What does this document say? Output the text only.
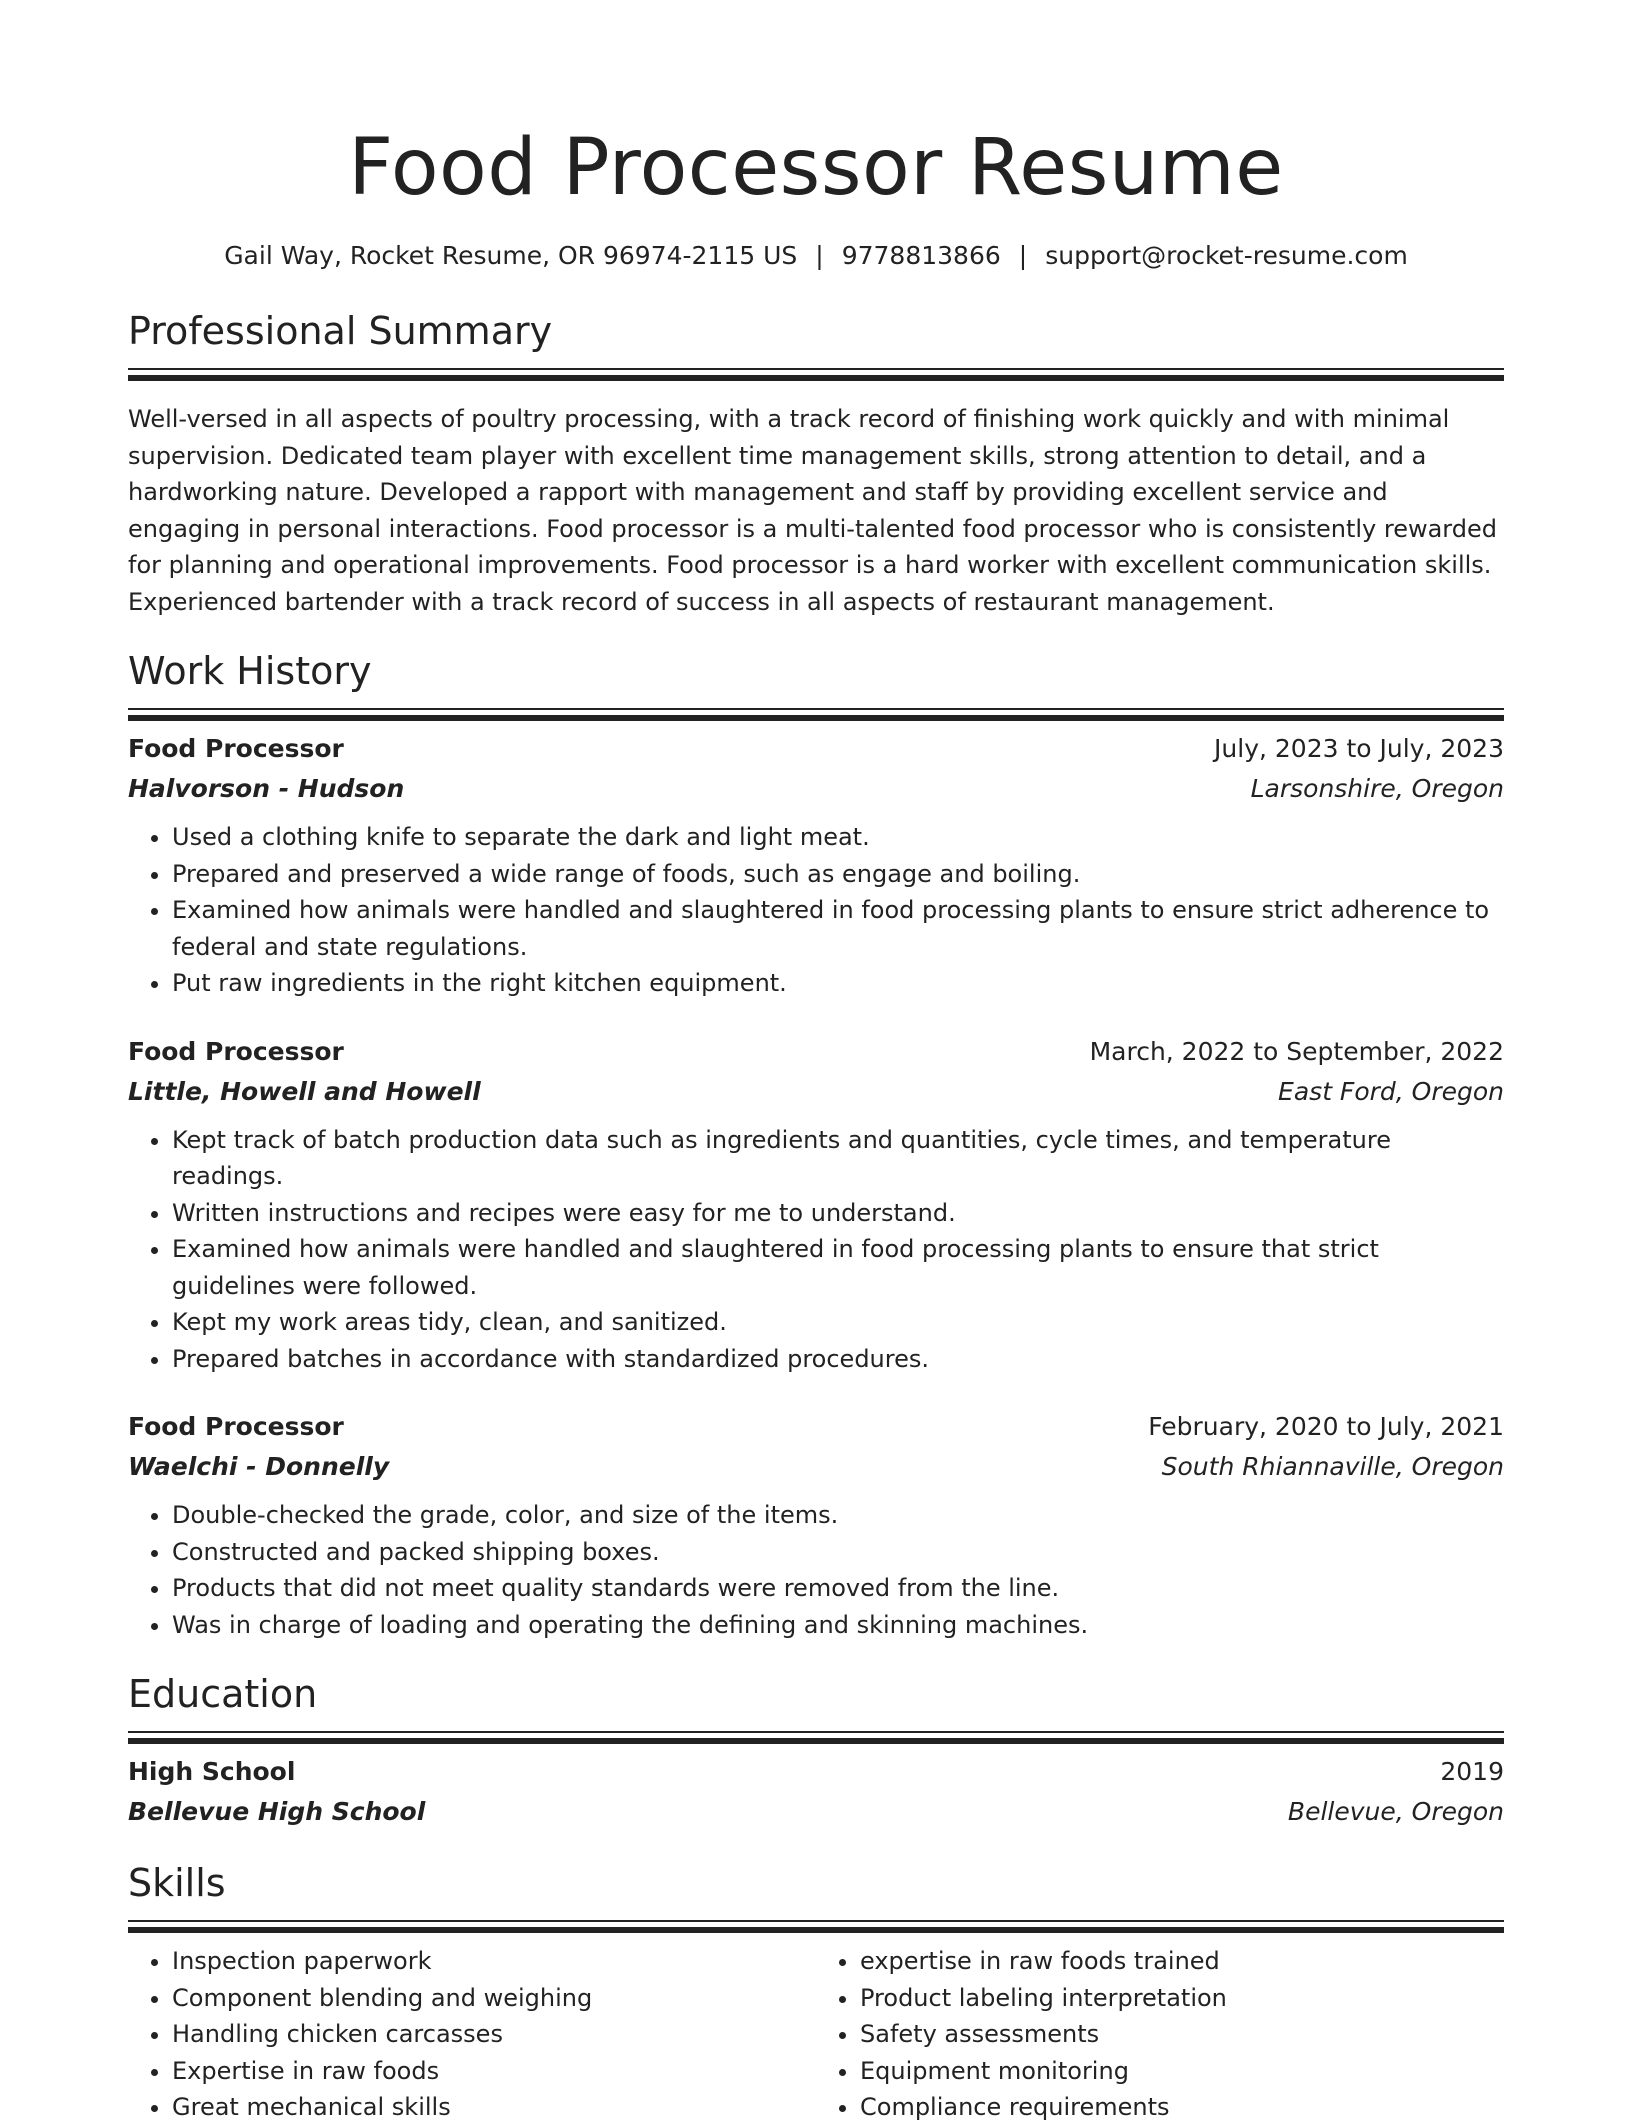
Food Processor Resume
Gail Way, Rocket Resume, OR 96974-2115 US | 9778813866 | support@rocket-resume.com
Professional Summary

Well-versed in all aspects of poultry processing, with a track record of finishing work quickly and with minimal supervision. Dedicated team player with excellent time management skills, strong attention to detail, and a hardworking nature. Developed a rapport with management and staff by providing excellent service and engaging in personal interactions. Food processor is a multi-talented food processor who is consistently rewarded for planning and operational improvements. Food processor is a hard worker with excellent communication skills. Experienced bartender with a track record of success in all aspects of restaurant management.

Work History
Food Processor	July, 2023 to July, 2023
Halvorson - Hudson	Larsonshire, Oregon
• Used a clothing knife to separate the dark and light meat.
• Prepared and preserved a wide range of foods, such as engage and boiling.
• Examined how animals were handled and slaughtered in food processing plants to ensure strict adherence to federal and state regulations.
• Put raw ingredients in the right kitchen equipment.
Food Processor	March, 2022 to September, 2022
Little, Howell and Howell	East Ford, Oregon
• Kept track of batch production data such as ingredients and quantities, cycle times, and temperature readings.
• Written instructions and recipes were easy for me to understand.
• Examined how animals were handled and slaughtered in food processing plants to ensure that strict guidelines were followed.
• Kept my work areas tidy, clean, and sanitized.
• Prepared batches in accordance with standardized procedures.
Food Processor	February, 2020 to July, 2021
Waelchi - Donnelly	South Rhiannaville, Oregon
• Double-checked the grade, color, and size of the items.
• Constructed and packed shipping boxes.
• Products that did not meet quality standards were removed from the line.
• Was in charge of loading and operating the defining and skinning machines.
Education
High School	2019
Bellevue High School	Bellevue, Oregon
Skills
• Inspection paperwork
• Component blending and weighing
• Handling chicken carcasses
• Expertise in raw foods
• Great mechanical skills
• expertise in raw foods trained
• Product labeling interpretation
• Safety assessments
• Equipment monitoring
• Compliance requirements
